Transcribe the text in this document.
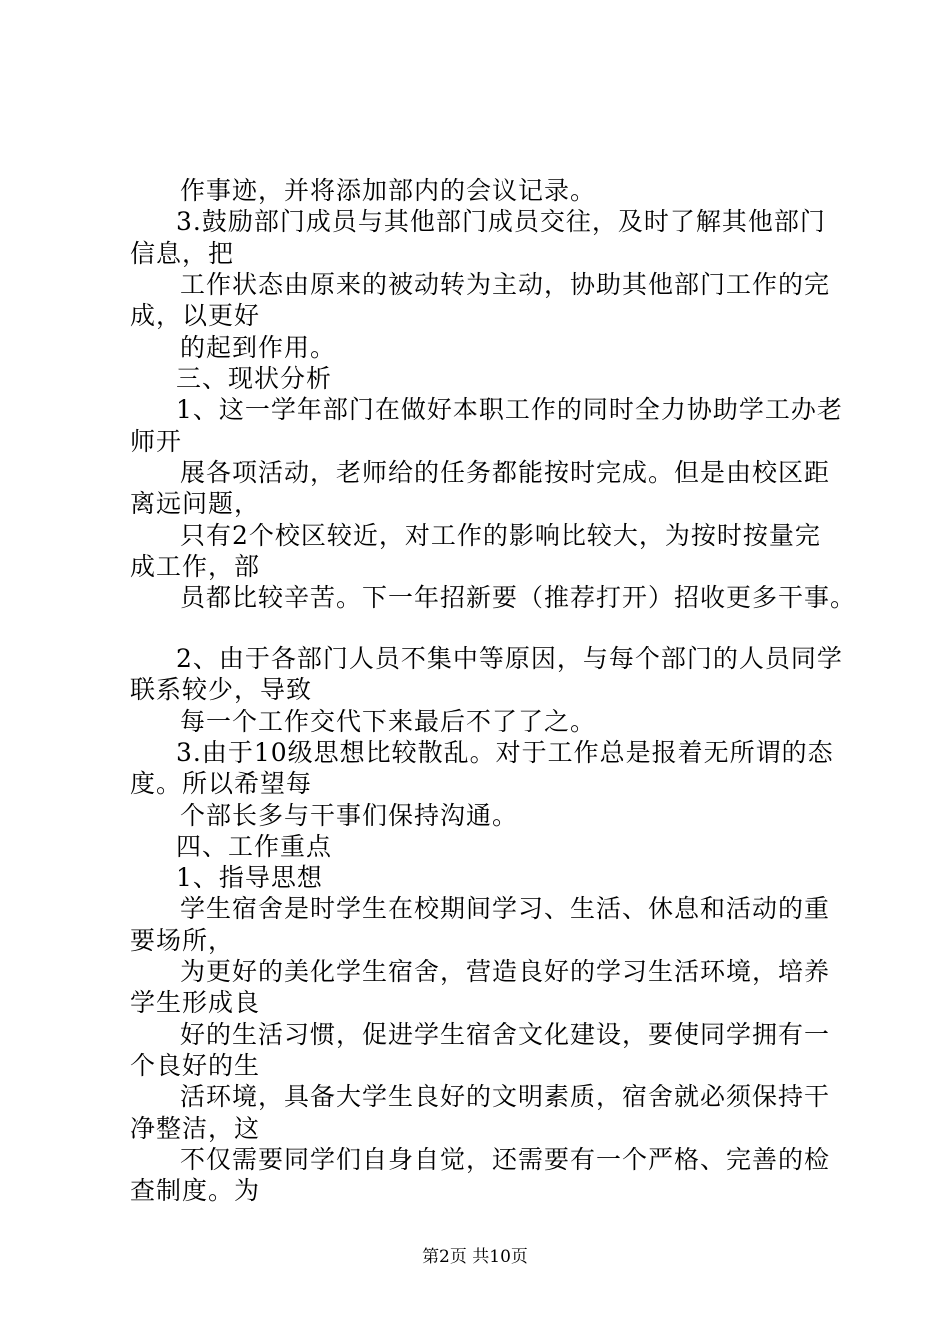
作事迹，并将添加部内的会议记录。
3.鼓励部门成员与其他部门成员交往，及时了解其他部门
信息，把
工作状态由原来的被动转为主动，协助其他部门工作的完
成，以更好
的起到作用。
三、现状分析
1、这一学年部门在做好本职工作的同时全力协助学工办老
师开
展各项活动，老师给的任务都能按时完成。但是由校区距
离远问题，
只有2个校区较近，对工作的影响比较大，为按时按量完
成工作，部
员都比较辛苦。下一年招新要（推荐打开）招收更多干事。
2、由于各部门人员不集中等原因，与每个部门的人员同学
联系较少，导致
每一个工作交代下来最后不了了之。
3.由于10级思想比较散乱。对于工作总是报着无所谓的态
度。所以希望每
个部长多与干事们保持沟通。
四、工作重点
1、指导思想
学生宿舍是时学生在校期间学习、生活、休息和活动的重
要场所，
为更好的美化学生宿舍，营造良好的学习生活环境，培养
学生形成良
好的生活习惯，促进学生宿舍文化建设，要使同学拥有一
个良好的生
活环境，具备大学生良好的文明素质，宿舍就必须保持干
净整洁，这
不仅需要同学们自身自觉，还需要有一个严格、完善的检
查制度。为
第2页 共10页
